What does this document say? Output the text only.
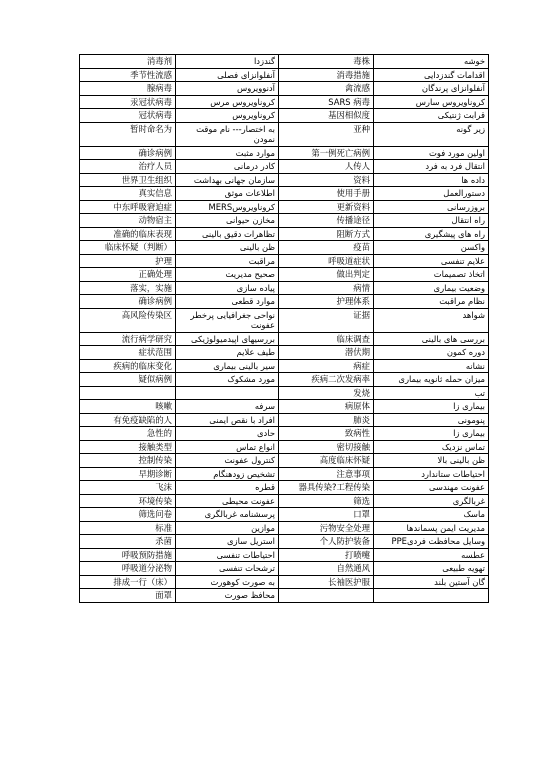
消毒剂	گندزدا	毒株	خوشه
季节性流感	آنفلوانزای فصلی	消毒措施	اقدامات گندزدایی
腺病毒	آدنوویروس	禽流感	آنفلوانزای پرندگان
汞冠状病毒	کروناویروس مرس	SARS 病毒	کروناویروس سارس
冠状病毒	کروناویروس	基因相似度	قرابت ژنتیکی
暂时命名为	به اختصار--- نام موقت نمودن	亚种	زیر گونه
确诊病例	موارد مثبت	第一例死亡病例	اولین مورد فوت
治疗人员	کادر درمانی	人传人	انتقال فرد به فرد
世界卫生组织	سازمان جهانی بهداشت	资料	داده ها
真实信息	اطلاعات موثق	使用手册	دستورالعمل
中东呼吸窘迫症	کروناویروسMERS	更新资料	بروزرسانی
动物宿主	مخازن حیوانی	传播途径	راه انتقال
准确的临床表现	تظاهرات دقیق بالینی	阻断方式	راه های پیشگیری
临床怀疑（判断）	ظن بالینی	疫苗	واکسن
护理	مراقبت	呼吸道症状	علایم تنفسی
正确处理	صحیح مدیریت	做出判定	اتخاذ تصمیمات
落实，实施	پیاده سازی	病情	وضعیت بیماری
确诊病例	موارد قطعی	护理体系	نظام مراقبت
高风险传染区	نواحی جغرافیایی پرخطر عفونت	证据	شواهد
流行病学研究	بررسیهای اپیدمیولوژیکی	临床调查	بررسی های بالینی
症状范围	طیف علایم	潜伏期	دوره کمون
疾病的临床变化	سیر بالینی بیماری	病症	نشانه
疑似病例	مورد مشکوک	疾病二次发病率	میزان حمله ثانویه بیماری
		发烧	تب
咳嗽	سرفه	病原体	بیماری زا
有免疫缺陷的人	افراد با نقص ایمنی	肺炎	پنومونی
急性的	حادی	致病性	بیماری زا
接触类型	انواع تماس	密切接触	تماس نزدیک
控制传染	کنترول عفونت	高度临床怀疑	ظن بالینی بالا
早期诊断	تشخیص زودهنگام	注意事项	احتیاطات ستاندارد
飞沫	قطره	器具传染?工程传染	عفونت مهندسی
环境传染	عفونت محیطی	筛选	غربالگری
筛选问卷	پرسشنامه غربالگری	口罩	ماسک
标准	موازین	污物安全处理	مدیریت ایمن پسماندها
杀菌	استریل سازی	个人防护装备	وسایل محافظت فردیPPE
呼吸预防措施	احتیاطات تنفسی	打喷嚏	عطسه
呼吸道分泌物	ترشحات تنفسی	自然通风	تهویه طبیعی
排成一行（床）	به صورت کوهورت	长袖医护服	گان آستین بلند
面罩	محافظ صورت		
